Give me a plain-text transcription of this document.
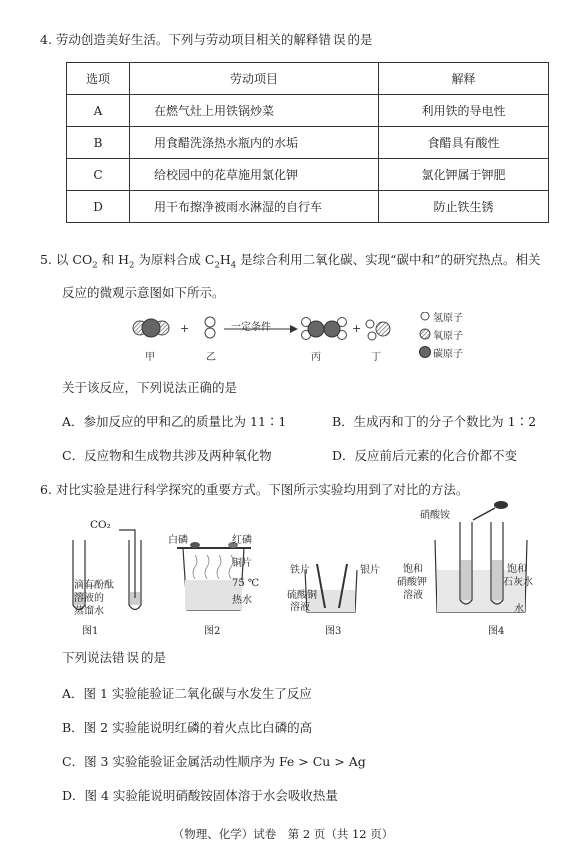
4. 劳动创造美好生活。下列与劳动项目相关的解释错误的是
选项	劳动项目	解释
A	在燃气灶上用铁锅炒菜	利用铁的导电性
B	用食醋洗涤热水瓶内的水垢	食醋具有酸性
C	给校园中的花草施用氯化钾	氯化钾属于钾肥
D	用干布擦净被雨水淋湿的自行车	防止铁生锈
5. 以 $CO_2$ 和 $H_2$ 为原料合成 $C_2H_4$ 是综合利用二氧化碳、实现“碳中和”的研究热点。相关
反应的微观示意图如下所示。
+	+
一定条件
甲	乙	丙	丁
氢原子
氧原子
碳原子
关于该反应，下列说法正确的是
A．参加反应的甲和乙的质量比为 11∶1	B．生成丙和丁的分子个数比为 1∶2
C．反应物和生成物共涉及两种氧化物	D．反应前后元素的化合价都不变
6. 对比实验是进行科学探究的重要方式。下图所示实验均用到了对比的方法。
CO₂
滴有酚酞
溶液的
蒸馏水
白磷	红磷
铜片
75 ℃
热水
铁片	银片
硫酸铜
溶液
硝酸铵
饱和
硝酸钾
溶液
饱和
石灰水
水
图1	图2	图3	图4
下列说法错误的是
A．图 1 实验能验证二氧化碳与水发生了反应
B．图 2 实验能说明红磷的着火点比白磷的高
C．图 3 实验能验证金属活动性顺序为 Fe > Cu > Ag
D．图 4 实验能说明硝酸铵固体溶于水会吸收热量
（物理、化学）试卷　第 2 页（共 12 页）
